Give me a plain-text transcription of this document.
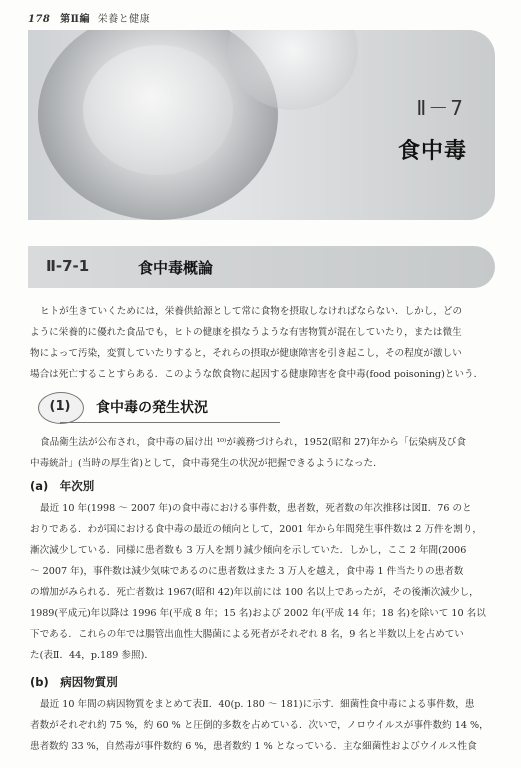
178 第Ⅱ編 栄養と健康
Ⅱ－7
食中毒
Ⅱ-7-1	食中毒概論
ヒトが生きていくためには，栄養供給源として常に食物を摂取しなければならない．しかし，どの
ように栄養的に優れた食品でも，ヒトの健康を損なうような有害物質が混在していたり，または微生
物によって汚染，変質していたりすると，それらの摂取が健康障害を引き起こし，その程度が激しい
場合は死亡することすらある．このような飲食物に起因する健康障害を食中毒(food poisoning)という．
(1)	食中毒の発生状況
食品衛生法が公布され，食中毒の届け出 ¹⁰⁾が義務づけられ，1952(昭和 27)年から「伝染病及び食
中毒統計」(当時の厚生省)として，食中毒発生の状況が把握できるようになった．
(a)　年次別
最近 10 年(1998 ～ 2007 年)の食中毒における事件数，患者数，死者数の年次推移は図Ⅱ．76 のと
おりである．わが国における食中毒の最近の傾向として，2001 年から年間発生事件数は 2 万件を割り，
漸次減少している．同様に患者数も 3 万人を割り減少傾向を示していた．しかし，ここ 2 年間(2006
～ 2007 年)，事件数は減少気味であるのに患者数はまた 3 万人を越え，食中毒 1 件当たりの患者数
の増加がみられる．死亡者数は 1967(昭和 42)年以前には 100 名以上であったが，その後漸次減少し，
1989(平成元)年以降は 1996 年(平成 8 年；15 名)および 2002 年(平成 14 年；18 名)を除いて 10 名以
下である．これらの年では腸管出血性大腸菌による死者がそれぞれ 8 名，9 名と半数以上を占めてい
た(表Ⅱ．44，p.189 参照)．
(b)　病因物質別
最近 10 年間の病因物質をまとめて表Ⅱ．40(p. 180 ～ 181)に示す．細菌性食中毒による事件数，患
者数がそれぞれ約 75 %，約 60 % と圧倒的多数を占めている．次いで，ノロウイルスが事件数約 14 %，
患者数約 33 %，自然毒が事件数約 6 %，患者数約 1 % となっている．主な細菌性およびウイルス性食
